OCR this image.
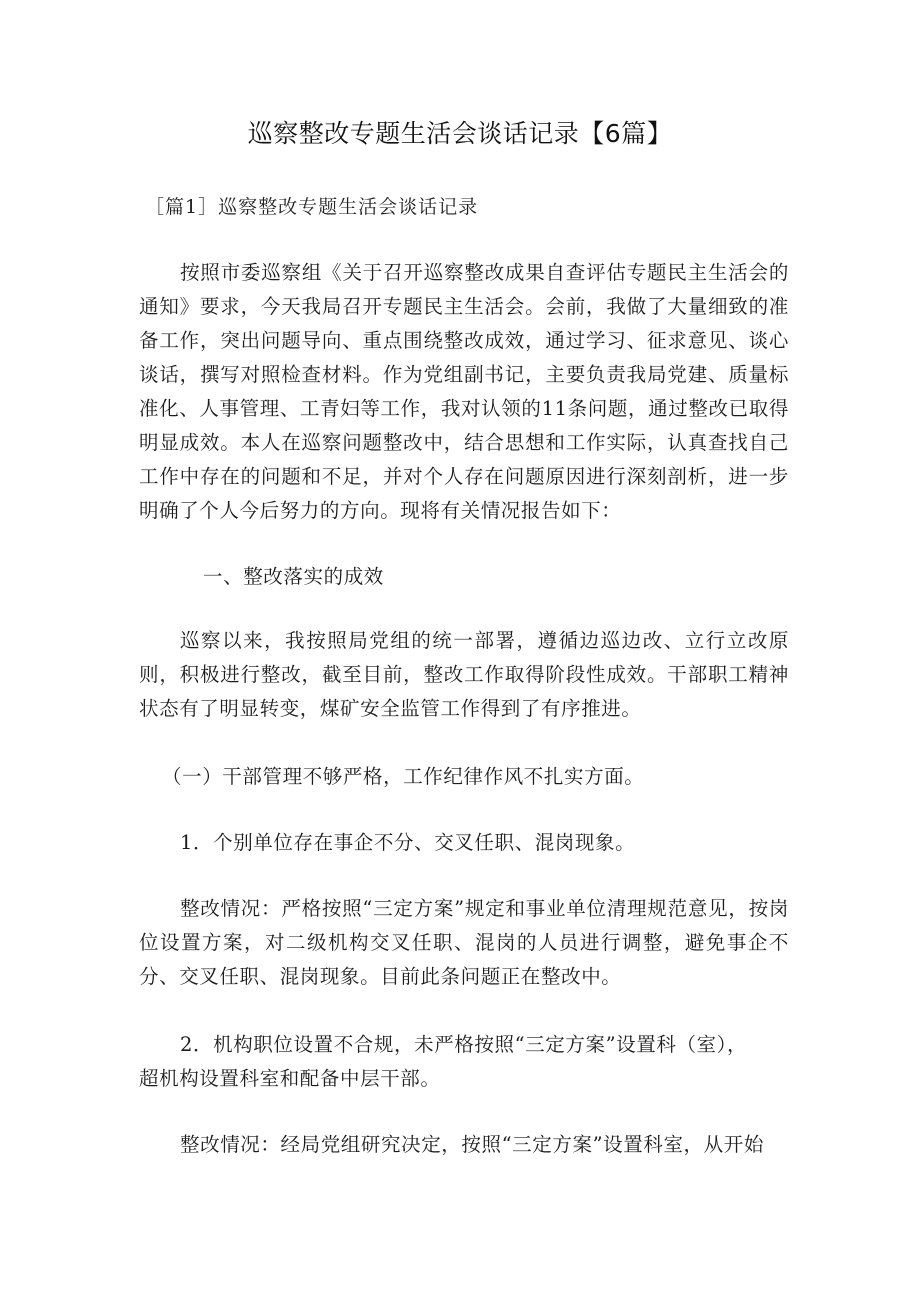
巡察整改专题生活会谈话记录【6篇】
［篇1］巡察整改专题生活会谈话记录

按照市委巡察组《关于召开巡察整改成果自查评估专题民主生活会的通知》要求，今天我局召开专题民主生活会。会前，我做了大量细致的准备工作，突出问题导向、重点围绕整改成效，通过学习、征求意见、谈心谈话，撰写对照检查材料。作为党组副书记，主要负责我局党建、质量标准化、人事管理、工青妇等工作，我对认领的11条问题，通过整改已取得明显成效。本人在巡察问题整改中，结合思想和工作实际，认真查找自己工作中存在的问题和不足，并对个人存在问题原因进行深刻剖析，进一步明确了个人今后努力的方向。现将有关情况报告如下：

一、整改落实的成效

巡察以来，我按照局党组的统一部署，遵循边巡边改、立行立改原则，积极进行整改，截至目前，整改工作取得阶段性成效。干部职工精神状态有了明显转变，煤矿安全监管工作得到了有序推进。

（一）干部管理不够严格，工作纪律作风不扎实方面。

1．个别单位存在事企不分、交叉任职、混岗现象。

整改情况：严格按照“三定方案”规定和事业单位清理规范意见，按岗位设置方案，对二级机构交叉任职、混岗的人员进行调整，避免事企不分、交叉任职、混岗现象。目前此条问题正在整改中。

2．机构职位设置不合规，未严格按照“三定方案”设置科（室），
超机构设置科室和配备中层干部。

整改情况：经局党组研究决定，按照“三定方案”设置科室，从开始
